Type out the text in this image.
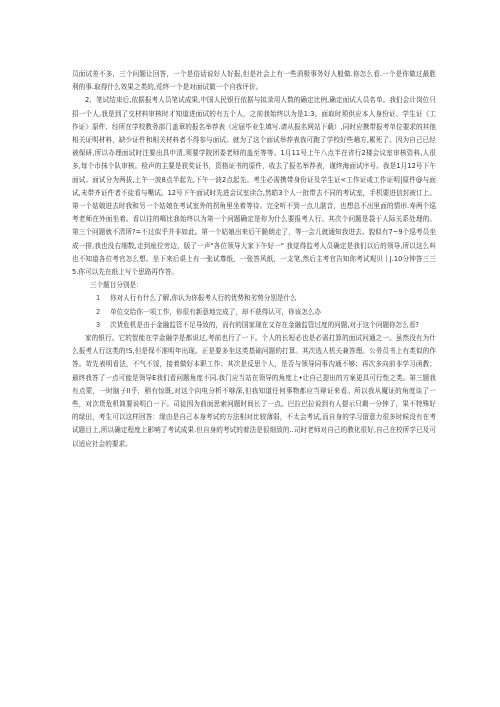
员面试差不多，三个问题让回答，一个是俗话说好人好报,但是社会上有一些消极事务好人般做.你怎么看.一个是你做过最胜利的事.取得什么效果之类的,荒终一个是对面试做一个自我评价。

2、笔试结束后,依据报考人员笔试成果,中国人民银行依据与拟录用人数的确定比例,确定面试人员名单。我们会计岗位只招一个人,我是到了交材料审核时才知道进面试的有五个人，之前我始终以为是1:3。面取时须供应本人身份证、学生证《工作证》原件、经所在学校教务部门盖章的报名举荐表（应届毕业生填写.请从报名网站下载）,同时应携带报考单位要求的其他相关证明材料，缺少证件和相关材料者不得参与面试。就为了这个面试举荐表我可跑了学校好些趟方,累死了。因为自己已经被保研,所以办理面试时注要出具申清,须要学院团委老师的盖至等等。1月11号上午八点半在省行2楼会议室审核资料,人很多,每个市抹个队审核。检声的主要是获奖证书，资格证书的原件，收去了报名举荐表，谨终海面试序号。我是1月12号下午面试。面试分为两拔,上午一波8点半起先,下午一波2点起先。考生必需携带身份证及学生证<工作证或工作证明|原件@与面试,未带齐证件者不徒看与嘴试。12号下午面试时先进会议室读合,然皓3个人一批带去不同的考试室，手机要进信封被订上。第一个姑娘进去时我和另一个姑娘在考试室外的拐角里坐着等待。完全听不到一点儿湛音，也想总不出里面的情形.寿两个巡考老师在外面坐着。看以往的喝比我始终以为第一个问题确定是你为什么要报考人行。其次个问题是袋于人际关系处理的。第三个问题就不清所?=不过似乎并非如此。第一个姑娘出来后干脆朗走了，等一会儿就通知我进去。貌似有7~9个巡考员坐成一排,我也没右细数,走到座位旁边，版了一声"各位领导大家下午好一" 我觉得监考人员确定是我们以后的领导,所以这么叫也不知道各位考官怎么想。坐下来后桌上有一张试尊纸，一张答风纸，一支笔,然后主考官告知你考试观贝丨J.10分钟答三三5.你可以先在纸上写个思路再作答。

三个题目分别是：

1 你对人行有什么了解,你认为你报考人行的优势和劣势分别是什么
2 单位交给你一项工作，你很有新意地完成了，却不获得认可，你该怎么办
3 次货危机是由于金融监管不足导致的，而有的国家现在又存在金融监管过度的问题,对于这个问题你怎么看?

家的银行。它的智能在学金融学是都说过,考前也行了一下。个人的长短必也是必需打算的面试问通之一。虽然没有为什么报考人行这类的!S,但是保不准明年出现。正是要多坐这类基础问题的打算。其次选人机关兼答理。公务员书上有类似的作答。苛先表明看法，不气不馁，接着做好本职工作；其次是反思个人，是否与领导同事沟通不够；再次多向前非学习函教；最终我答了一点可能是领导E我们看问题角度不同.我门应当站在领导的角度上•让自己提出的方案更具可行性之类。第三题我有点蒙，一时脑子II乎，稍有惊既,对这个向电分析不够深,但我知道任何事物都应当辩证来看。所以我从魔证的角度谈了一些，对次货危机简要说明白一下。司徒因为前面思索问题时间长了一点。巴拉巴拉说到有人提示只剩一分钟了，果不特殊好的绿田，考生可以这样回答：缘由是自己本身考试的方法相对比较薄弱，不太会考试,而自身的学习留意力很多时候没有在考试题目上,所以确定程度上影响了考试成果.但自身的考试的着法是很细致的..司时老师对自己的教化很好,自己在校所学已及可以适应社会的要求。
